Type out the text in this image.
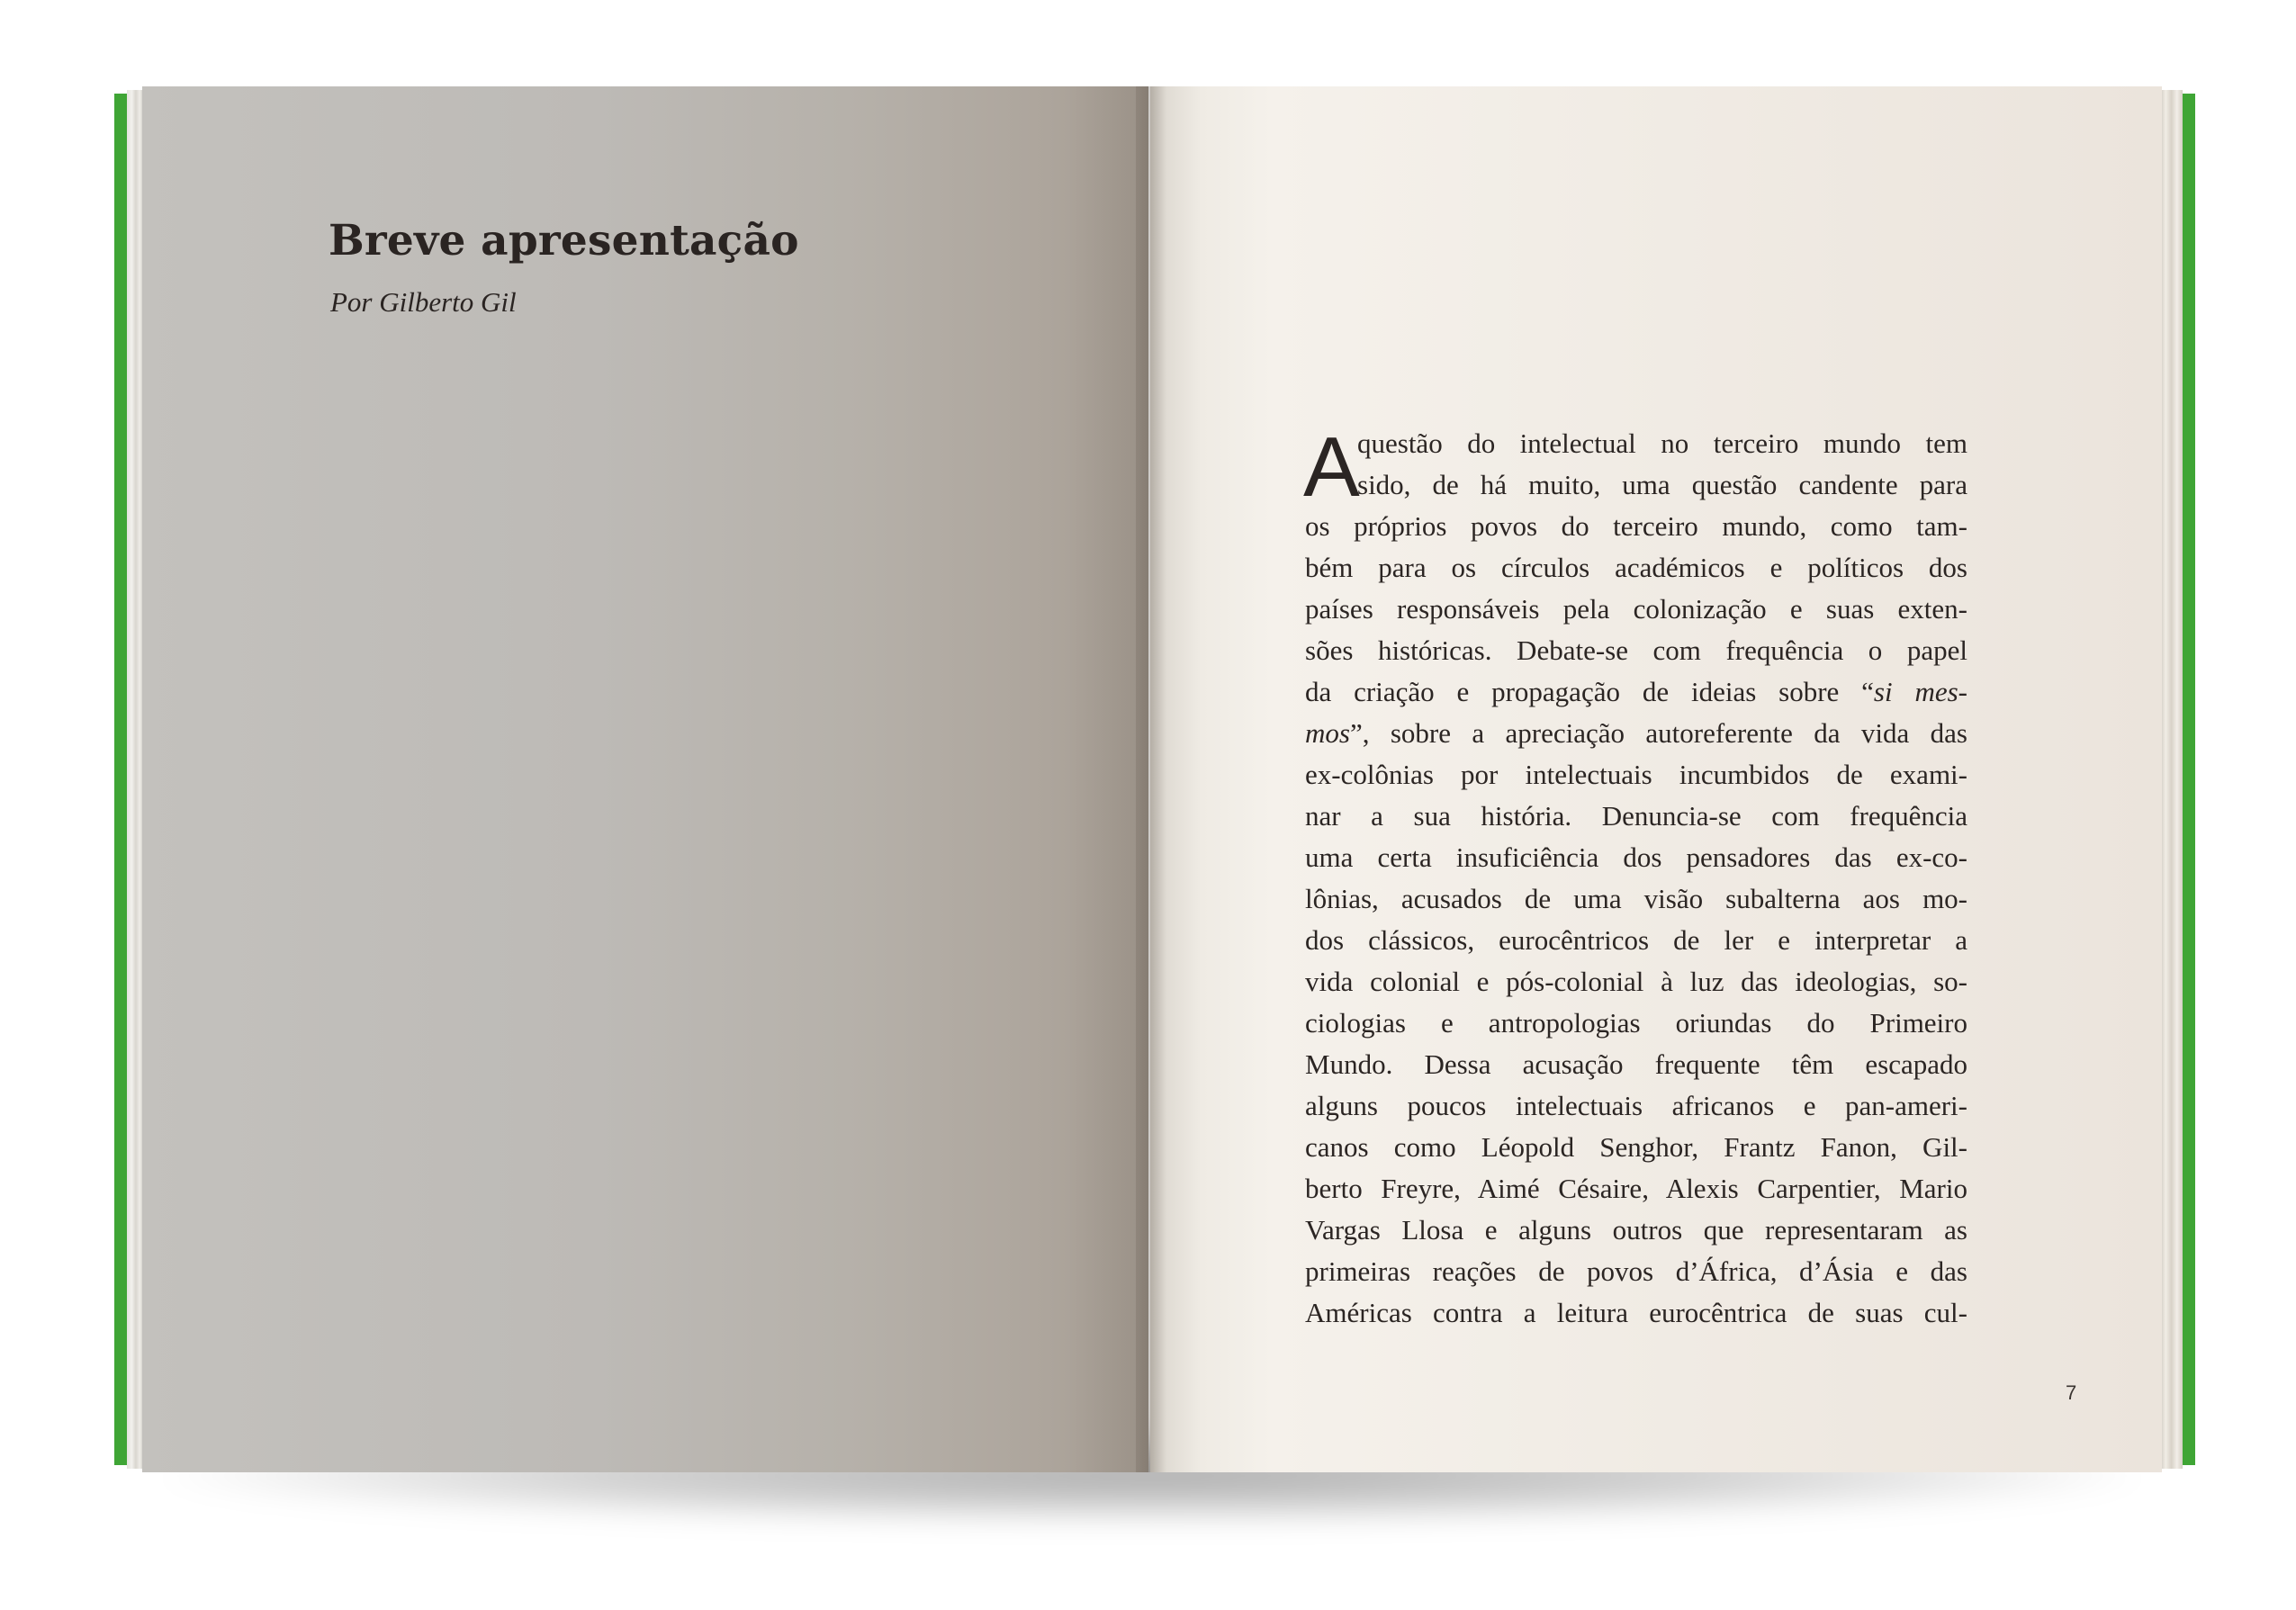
Breve apresentação

Por Gilberto Gil

A
questão do intelectual no terceiro mundo tem
sido, de há muito, uma questão candente para
os próprios povos do terceiro mundo, como tam-
bém para os círculos académicos e políticos dos
países responsáveis pela colonização e suas exten-
sões históricas. Debate-se com frequência o papel
da criação e propagação de ideias sobre “si mes-
mos”, sobre a apreciação autoreferente da vida das
ex-colônias por intelectuais incumbidos de exami-
nar a sua história. Denuncia-se com frequência
uma certa insuficiência dos pensadores das ex-co-
lônias, acusados de uma visão subalterna aos mo-
dos clássicos, eurocêntricos de ler e interpretar a
vida colonial e pós-colonial à luz das ideologias, so-
ciologias e antropologias oriundas do Primeiro
Mundo. Dessa acusação frequente têm escapado
alguns poucos intelectuais africanos e pan-ameri-
canos como Léopold Senghor, Frantz Fanon, Gil-
berto Freyre, Aimé Césaire, Alexis Carpentier, Mario
Vargas Llosa e alguns outros que representaram as
primeiras reações de povos d’África, d’Ásia e das
Américas contra a leitura eurocêntrica de suas cul-
7
